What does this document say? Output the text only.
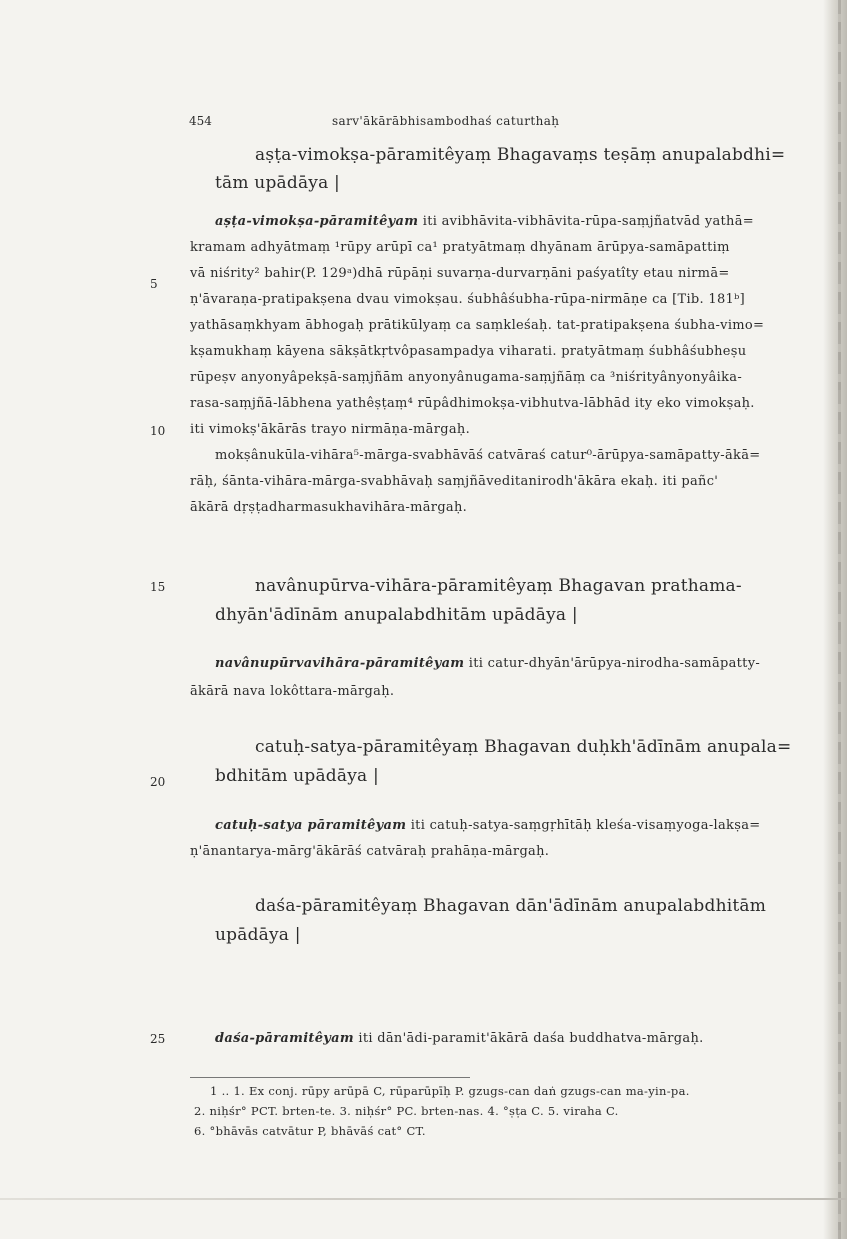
454	sarv'ākārābhisambodhaś caturthaḥ
5
10
15
20
25
aṣṭa-vimokṣa-pāramitêyaṃ Bhagavaṃs teṣāṃ anupalabdhi=
tām upādāya |
aṣṭa-vimokṣa-pāramitêyam iti avibhāvita-vibhāvita-rūpa-saṃjñatvād yathā=
kramam adhyātmaṃ ¹rūpy arūpī ca¹ pratyātmaṃ dhyānam ārūpya-samāpattiṃ
vā niśrity² bahir(P. 129ᵃ)dhā rūpāṇi suvarṇa-durvarṇāni paśyatîty etau nirmā=
ṇ'āvaraṇa-pratipakṣena dvau vimokṣau. śubhâśubha-rūpa-nirmāṇe ca [Tib. 181ᵇ]
yathāsaṃkhyam ābhogaḥ prātikūlyaṃ ca saṃkleśaḥ. tat-pratipakṣena śubha-vimo=
kṣamukhaṃ kāyena sākṣātkṛtvôpasampadya viharati. pratyātmaṃ śubhâśubheṣu
rūpeṣv anyonyâpekṣā-saṃjñām anyonyânugama-saṃjñāṃ ca ³niśrityânyonyâika-
rasa-saṃjñā-lābhena yathêṣṭaṃ⁴ rūpâdhimokṣa-vibhutva-lābhād ity eko vimokṣaḥ.
iti vimokṣ'ākārās trayo nirmāṇa-mārgaḥ.
mokṣânukūla-vihāra⁵-mārga-svabhāvāś catvāraś catur⁰-ārūpya-samāpatty-ākā=
rāḥ, śānta-vihāra-mārga-svabhāvaḥ saṃjñāveditanirodh'ākāra ekaḥ. iti pañc'
ākārā dṛṣṭadharmasukhavihāra-mārgaḥ.
navânupūrva-vihāra-pāramitêyaṃ Bhagavan prathama-
dhyān'ādīnām anupalabdhitām upādāya |
navânupūrvavihāra-pāramitêyam iti catur-dhyān'ārūpya-nirodha-samāpatty-
ākārā nava lokôttara-mārgaḥ.
catuḥ-satya-pāramitêyaṃ Bhagavan duḥkh'ādīnām anupala=
bdhitām upādāya |
catuḥ-satya pāramitêyam iti catuḥ-satya-saṃgṛhītāḥ kleśa-visaṃyoga-lakṣa=
ṇ'ānantarya-mārg'ākārāś catvāraḥ prahāṇa-mārgaḥ.
daśa-pāramitêyaṃ Bhagavan dān'ādīnām anupalabdhitām
upādāya |
daśa-pāramitêyam iti dān'ādi-paramit'ākārā daśa buddhatva-mārgaḥ.
1 .. 1. Ex conj. rūpy arūpā C, rūparūpīḥ P. gzugs-can daṅ gzugs-can ma-yin-pa.
2. niḥśr° PCT. brten-te. 3. niḥśr° PC. brten-nas. 4. °ṣṭa C. 5. viraha C.
6. °bhāvās catvātur P, bhāvāś cat° CT.
